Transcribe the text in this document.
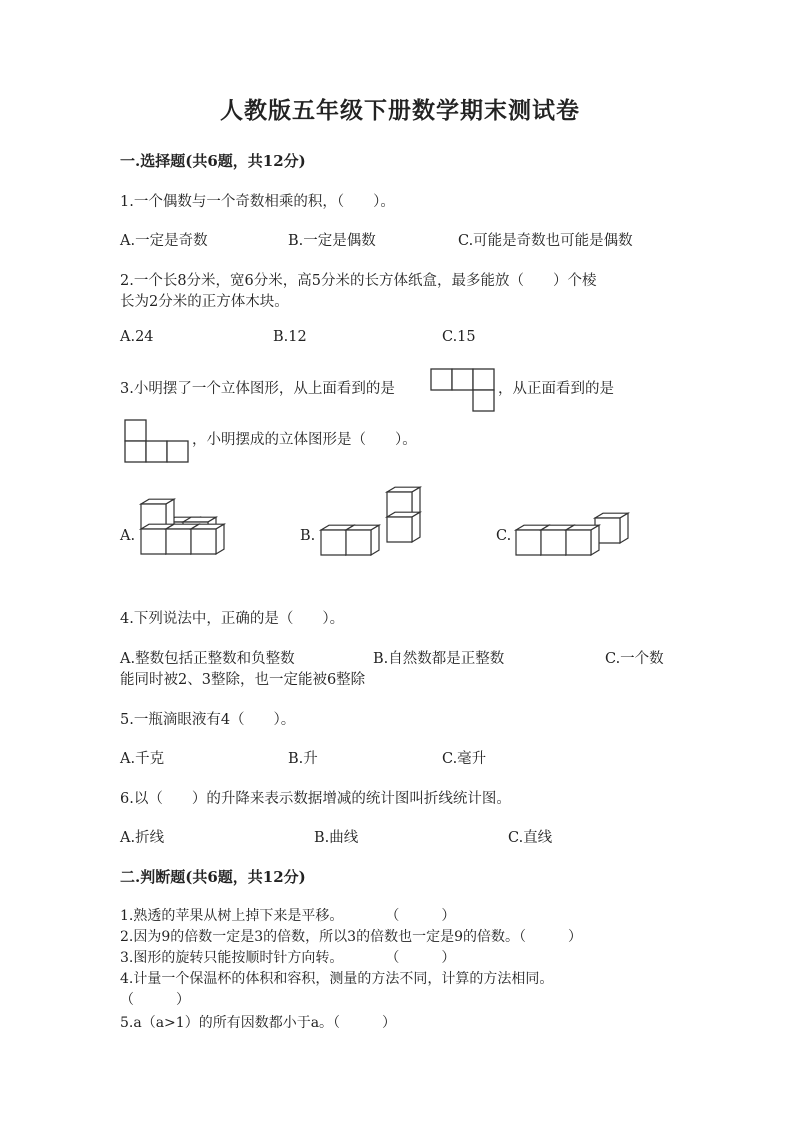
人教版五年级下册数学期末测试卷
一.选择题(共6题，共12分)
1.一个偶数与一个奇数相乘的积，（　　）。
A.一定是奇数	B.一定是偶数	C.可能是奇数也可能是偶数
2.一个长8分米，宽6分米，高5分米的长方体纸盒，最多能放（　　）个棱
长为2分米的正方体木块。
A.24	B.12	C.15
3.小明摆了一个立体图形，从上面看到的是	，从正面看到的是
，小明摆成的立体图形是（　　）。
A.	B.	C.
4.下列说法中，正确的是（　　）。
A.整数包括正整数和负整数	B.自然数都是正整数	C.一个数
能同时被2、3整除，也一定能被6整除
5.一瓶滴眼液有4（　　）。
A.千克	B.升	C.毫升
6.以（　　）的升降来表示数据增减的统计图叫折线统计图。
A.折线	B.曲线	C.直线
二.判断题(共6题，共12分)
1.熟透的苹果从树上掉下来是平移。　　　　（　　　）
2.因为9的倍数一定是3的倍数，所以3的倍数也一定是9的倍数。（　　　）
3.图形的旋转只能按顺时针方向转。　　　　（　　　）
4.计量一个保温杯的体积和容积，测量的方法不同，计算的方法相同。
（　　　）
5.a（a>1）的所有因数都小于a。（　　　）
